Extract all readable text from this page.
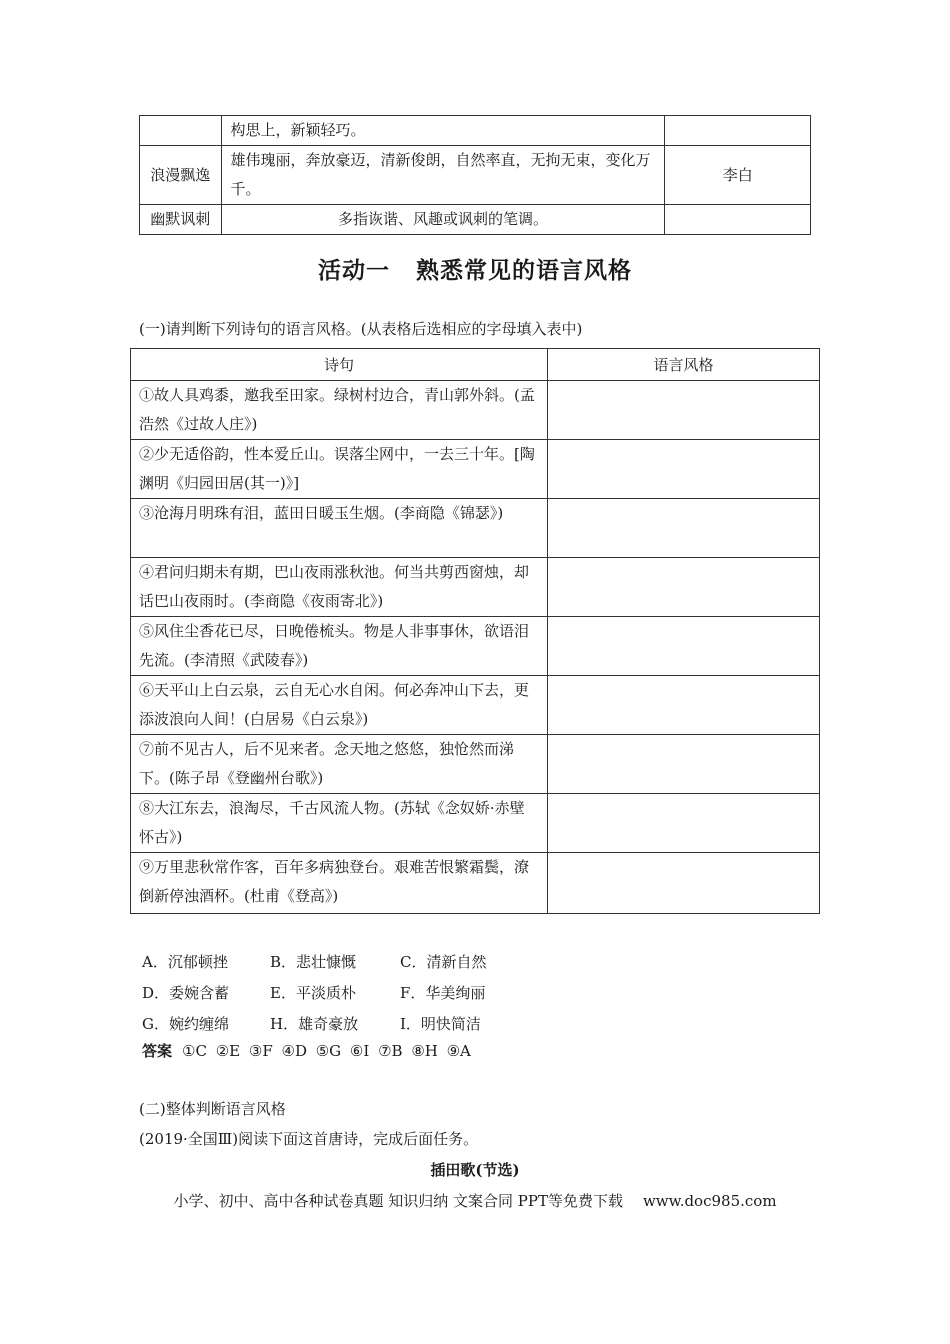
	构思上，新颖轻巧。	
浪漫飘逸	雄伟瑰丽，奔放豪迈，清新俊朗，自然率直，无拘无束，变化万千。	李白
幽默讽刺	多指诙谐、风趣或讽刺的笔调。	
活动一 熟悉常见的语言风格
(一)请判断下列诗句的语言风格。(从表格后选相应的字母填入表中)
诗句	语言风格
①故人具鸡黍，邀我至田家。绿树村边合，青山郭外斜。(孟浩然《过故人庄》)	
②少无适俗韵，性本爱丘山。误落尘网中，一去三十年。[陶渊明《归园田居(其一)》]	
③沧海月明珠有泪，蓝田日暖玉生烟。(李商隐《锦瑟》)	
④君问归期未有期，巴山夜雨涨秋池。何当共剪西窗烛，却话巴山夜雨时。(李商隐《夜雨寄北》)	
⑤风住尘香花已尽，日晚倦梳头。物是人非事事休，欲语泪先流。(李清照《武陵春》)	
⑥天平山上白云泉，云自无心水自闲。何必奔冲山下去，更添波浪向人间！(白居易《白云泉》)	
⑦前不见古人，后不见来者。念天地之悠悠，独怆然而涕下。(陈子昂《登幽州台歌》)	
⑧大江东去，浪淘尽，千古风流人物。(苏轼《念奴娇·赤壁怀古》)	
⑨万里悲秋常作客，百年多病独登台。艰难苦恨繁霜鬓，潦倒新停浊酒杯。(杜甫《登高》)	
A．沉郁顿挫	B．悲壮慷慨	C．清新自然
D．委婉含蓄	E．平淡质朴	F．华美绚丽
G．婉约缠绵	H．雄奇豪放	I．明快简洁
答案 ①C ②E ③F ④D ⑤G ⑥I ⑦B ⑧H ⑨A
(二)整体判断语言风格
(2019·全国Ⅲ)阅读下面这首唐诗，完成后面任务。
插田歌(节选)
小学、初中、高中各种试卷真题 知识归纳 文案合同 PPT等免费下载 www.doc985.com
